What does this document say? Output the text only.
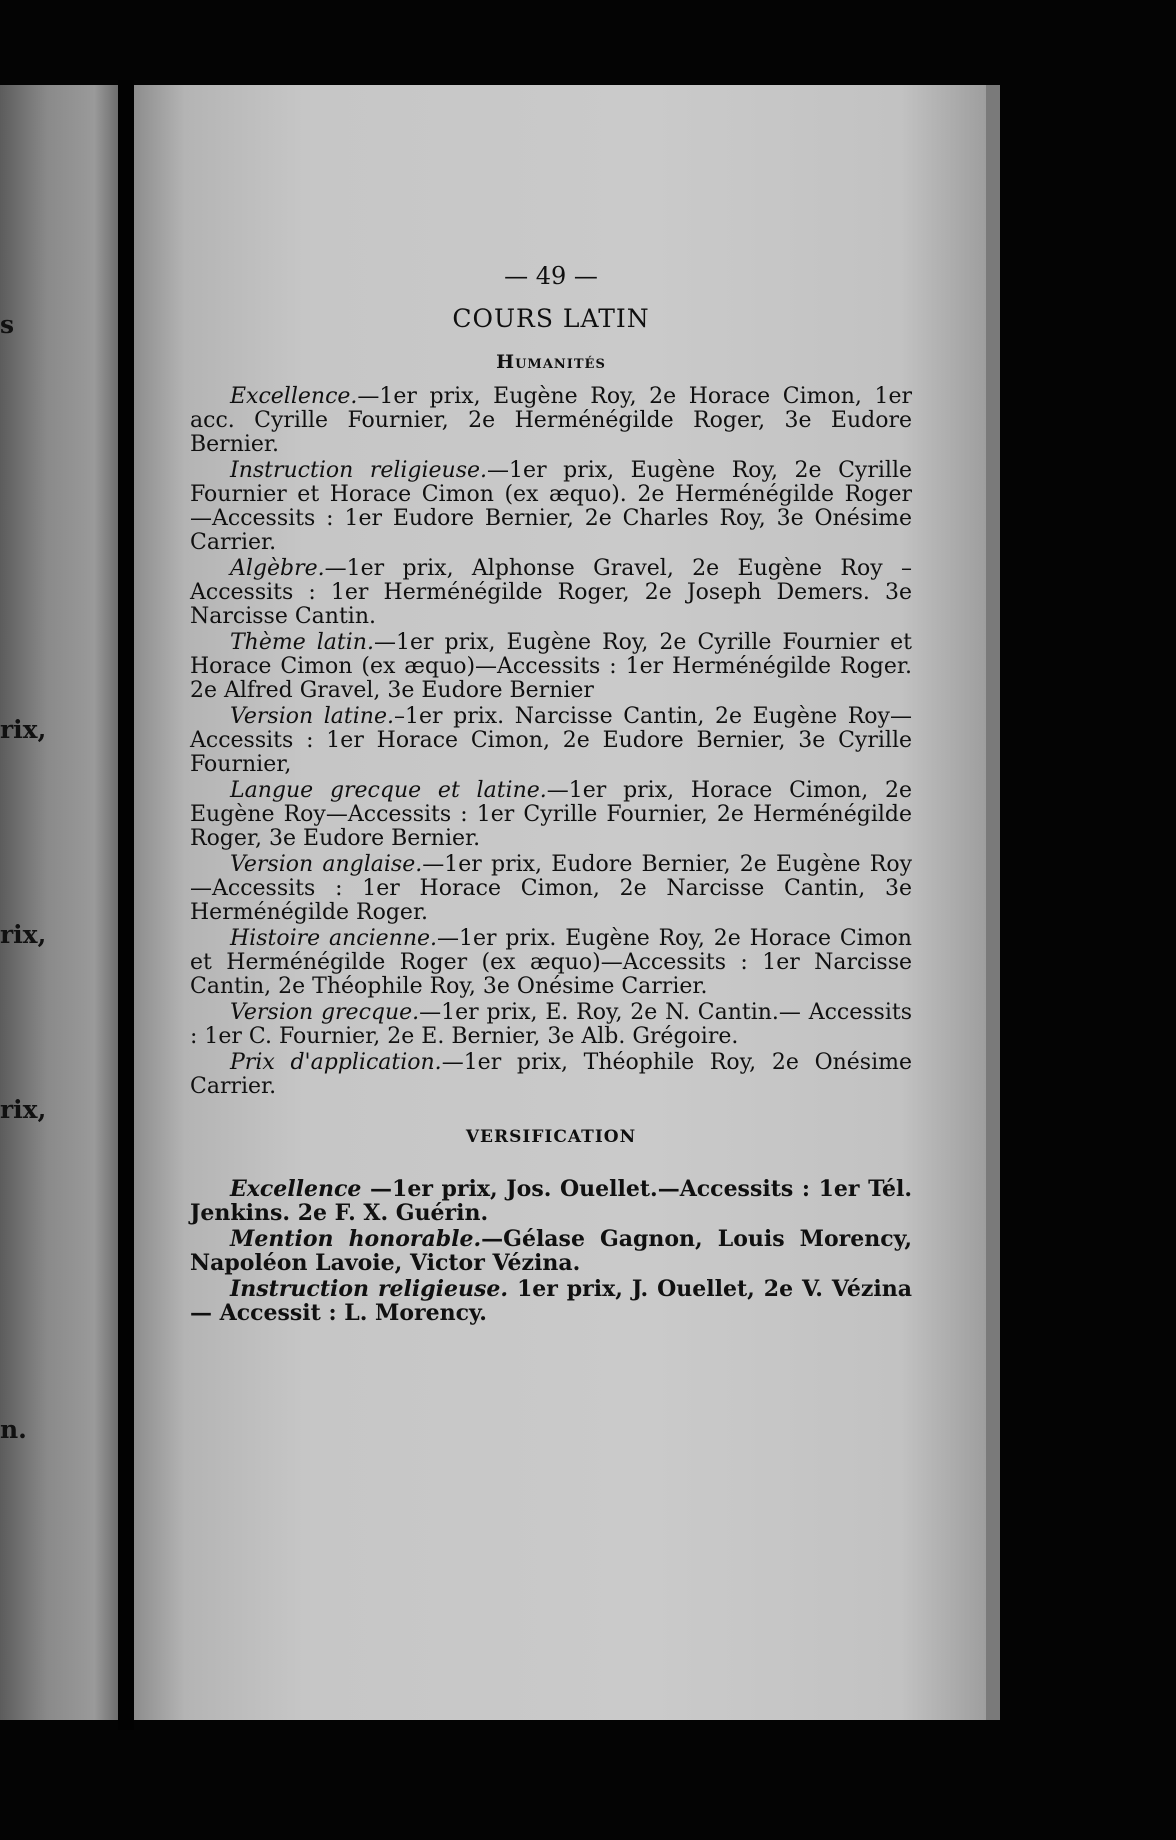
s
rix,
rix,
rix,
n.
— 49 —
COURS LATIN
Humanités

Excellence.—1er prix, Eugène Roy, 2e Horace Cimon, 1er acc. Cyrille Fournier, 2e Herménégilde Roger, 3e Eudore Bernier.

Instruction religieuse.—1er prix, Eugène Roy, 2e Cyrille Fournier et Horace Cimon (ex æquo). 2e Herménégilde Roger —Accessits : 1er Eudore Bernier, 2e Charles Roy, 3e Onésime Carrier.

Algèbre.—1er prix, Alphonse Gravel, 2e Eugène Roy – Accessits : 1er Herménégilde Roger, 2e Joseph Demers. 3e Narcisse Cantin.

Thème latin.—1er prix, Eugène Roy, 2e Cyrille Fournier et Horace Cimon (ex æquo)—Accessits : 1er Herménégilde Roger. 2e Alfred Gravel, 3e Eudore Bernier

Version latine.–1er prix. Narcisse Cantin, 2e Eugène Roy—Accessits : 1er Horace Cimon, 2e Eudore Bernier, 3e Cyrille Fournier,

Langue grecque et latine.—1er prix, Horace Cimon, 2e Eugène Roy—Accessits : 1er Cyrille Fournier, 2e Herménégilde Roger, 3e Eudore Bernier.

Version anglaise.—1er prix, Eudore Bernier, 2e Eugène Roy—Accessits : 1er Horace Cimon, 2e Narcisse Cantin, 3e Herménégilde Roger.

Histoire ancienne.—1er prix. Eugène Roy, 2e Horace Cimon et Herménégilde Roger (ex æquo)—Accessits : 1er Narcisse Cantin, 2e Théophile Roy, 3e Onésime Carrier.

Version grecque.—1er prix, E. Roy, 2e N. Cantin.— Accessits : 1er C. Fournier, 2e E. Bernier, 3e Alb. Grégoire.

Prix d'application.—1er prix, Théophile Roy, 2e Onésime Carrier.

VERSIFICATION

Excellence —1er prix, Jos. Ouellet.—Accessits : 1er Tél. Jenkins. 2e F. X. Guérin.

Mention honorable.—Gélase Gagnon, Louis Morency, Napoléon Lavoie, Victor Vézina.

Instruction religieuse. 1er prix, J. Ouellet, 2e V. Vézina— Accessit : L. Morency.
